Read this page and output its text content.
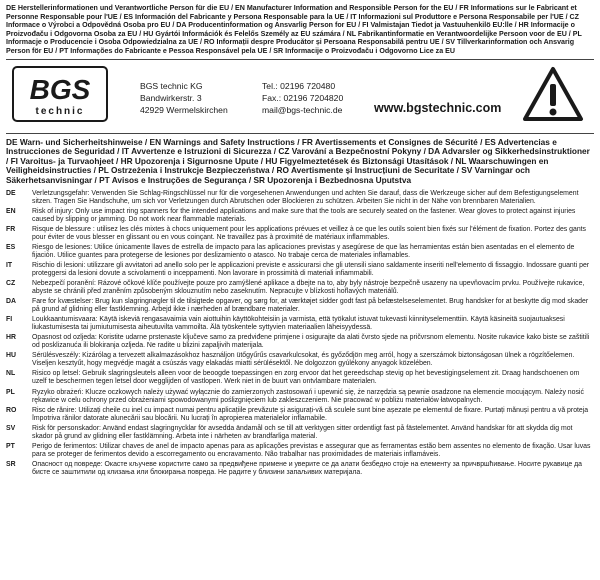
DE Herstellerinformationen und Verantwortliche Person für die EU / EN Manufacturer Information and Responsible Person for the EU / FR Informations sur le Fabricant et Personne Responsable pour l'UE / ES Información del Fabricante y Persona Responsable para la UE / IT Informazioni sul Produttore e Persona Responsabile per l'UE / CZ Informace o Výrobci a Odpovědná Osoba pro EU / DA Producentinformation og Ansvarlig Person for EU / FI Valmistajan Tiedot ja Vastuuhenkilö EU:lle / HR Informacije o Proizvođaču i Odgovorna Osoba za EU / HU Gyártói Információk és Felelős Személy az EU számára / NL Fabrikantinformatie en Verantwoordelijke Persoon voor de EU / PL Informacje o Producencie i Osoba Odpowiedzialna za UE / RO Informații despre Producător și Persoana Responsabilă pentru UE / SV Tillverkarinformation och Ansvarig Person för EU / PT Informações do Fabricante e Pessoa Responsável pela UE / SR Informacije o Proizvođaču i Odgovorno Lice za EU

BGS
technic
BGS technic KG
Bandwirkerstr. 3
42929 Wermelskirchen
Tel.: 02196 720480
Fax.: 02196 7204820
mail@bgs-technic.de	www.bgstechnic.com

DE Warn- und Sicherheitshinweise / EN Warnings and Safety Instructions / FR Avertissements et Consignes de Sécurité / ES Advertencias e Instrucciones de Seguridad / IT Avvertenze e Istruzioni di Sicurezza / CZ Varování a Bezpečnostní Pokyny / DA Advarsler og Sikkerhedsinstruktioner / FI Varoitus- ja Turvaohjeet / HR Upozorenja i Sigurnosne Upute / HU Figyelmeztetések és Biztonsági Utasítások / NL Waarschuwingen en Veiligheidsinstructies / PL Ostrzeżenia i Instrukcje Bezpieczeństwa / RO Avertismente și Instrucțiuni de Securitate / SV Varningar och Säkerhetsanvisningar / PT Avisos e Instruções de Segurança / SR Upozorenja i Bezbednosna Uputstva

DE	Verletzungsgefahr: Verwenden Sie Schlag-Ringschlüssel nur für die vorgesehenen Anwendungen und achten Sie darauf, dass die Werkzeuge sicher auf dem Befestigungselement sitzen. Tragen Sie Handschuhe, um sich vor Verletzungen durch Abrutschen oder Blockieren zu schützen. Arbeiten Sie nicht in der Nähe von brennbaren Materialien.
EN	Risk of injury: Only use impact ring spanners for the intended applications and make sure that the tools are securely seated on the fastener. Wear gloves to protect against injuries caused by slipping or jamming. Do not work near flammable materials.
FR	Risque de blessure : utilisez les clés mixtes à chocs uniquement pour les applications prévues et veillez à ce que les outils soient bien fixés sur l'élément de fixation. Portez des gants pour éviter de vous blesser en glissant ou en vous coinçant. Ne travaillez pas à proximité de matériaux inflammables.
ES	Riesgo de lesiones: Utilice únicamente llaves de estrella de impacto para las aplicaciones previstas y asegúrese de que las herramientas están bien asentadas en el elemento de fijación. Utilice guantes para protegerse de lesiones por deslizamiento o atasco. No trabaje cerca de materiales inflamables.
IT	Rischio di lesioni: utilizzare gli avvitatori ad anello solo per le applicazioni previste e assicurarsi che gli utensili siano saldamente inseriti nell'elemento di fissaggio. Indossare guanti per proteggersi da lesioni dovute a scivolamenti o inceppamenti. Non lavorare in prossimità di materiali infiammabili.
CZ	Nebezpečí poranění: Rázové očkové klíče používejte pouze pro zamýšlené aplikace a dbejte na to, aby byly nástroje bezpečně usazeny na upevňovacím prvku. Používejte rukavice, abyste se chránili před zraněním způsobeným sklouznutím nebo zaseknutím. Nepracujte v blízkosti hořlavých materiálů.
DA	Fare for kvæstelser: Brug kun slagringnøgler til de tilsigtede opgaver, og sørg for, at værktøjet sidder godt fast på befæstelseselementet. Brug handsker for at beskytte dig mod skader på grund af glidning eller fastklemning. Arbejd ikke i nærheden af brændbare materialer.
FI	Loukkaantumisvaara: Käytä iskeviä rengasavaimia vain aiottuihin käyttökohteisiin ja varmista, että työkalut istuvat tukevasti kiinnityselementtiin. Käytä käsineitä suojautuaksesi liukastumisesta tai jumiutumisesta aiheutuvilta vammoilta. Älä työskentele syttyvien materiaalien läheisyydessä.
HR	Opasnost od ozljeda: Koristite udarne prstenaste ključeve samo za predviđene primjene i osigurajte da alati čvrsto sjede na pričvrsnom elementu. Nosite rukavice kako biste se zaštitili od posklizanuća ili blokiranja ozljeda. Ne radite u blizini zapaljivih materijala.
HU	Sérülésveszély: Kizárólag a tervezett alkalmazásokhoz használjon ütőgyűrűs csavarkulcsokat, és győződjön meg arról, hogy a szerszámok biztonságosan ülnek a rögzítőelemen. Viseljen kesztyűt, hogy megvédje magát a csúszás vagy elakadás miatti sérülésektől. Ne dolgozzon gyúlékony anyagok közelében.
NL	Risico op letsel: Gebruik slagringsleutels alleen voor de beoogde toepassingen en zorg ervoor dat het gereedschap stevig op het bevestigingselement zit. Draag handschoenen om uzelf te beschermen tegen letsel door wegglijden of vastlopen. Werk niet in de buurt van ontvlambare materialen.
PL	Ryzyko obrażeń: Klucze oczkowych należy używać wyłącznie do zamierzonych zastosowań i upewnić się, że narzędzia są pewnie osadzone na elemencie mocującym. Należy nosić rękawice w celu ochrony przed obrażeniami spowodowanymi poślizgnięciem lub zakleszczeniem. Nie pracować w pobliżu materiałów łatwopalnych.
RO	Risc de rănire: Utilizați cheile cu inel cu impact numai pentru aplicațiile prevăzute și asigurați-vă că sculele sunt bine așezate pe elementul de fixare. Purtați mănuși pentru a vă proteja împotriva rănilor datorate alunecării sau blocării. Nu lucrați în apropierea materialelor inflamabile.
SV	Risk för personskador: Använd endast slagringnycklar för avsedda ändamål och se till att verktygen sitter ordentligt fast på fästelementet. Använd handskar för att skydda dig mot skador på grund av glidning eller fastklämning. Arbeta inte i närheten av brandfarliga material.
PT	Perigo de ferimentos: Utilizar chaves de anel de impacto apenas para as aplicações previstas e assegurar que as ferramentas estão bem assentes no elemento de fixação. Usar luvas para se proteger de ferimentos devido a escorregamento ou encravamento. Não trabalhar nas proximidades de materiais inflamáveis.
SR	Опасност од повреде: Окасте кључеве користите само за предвиђене примене и уверите се да алати безбедно стоје на елементу за причвршћивање. Носите рукавице да бисте се заштитили од клизања или блокирања повреда. Не радите у близини запаљивих материјала.
